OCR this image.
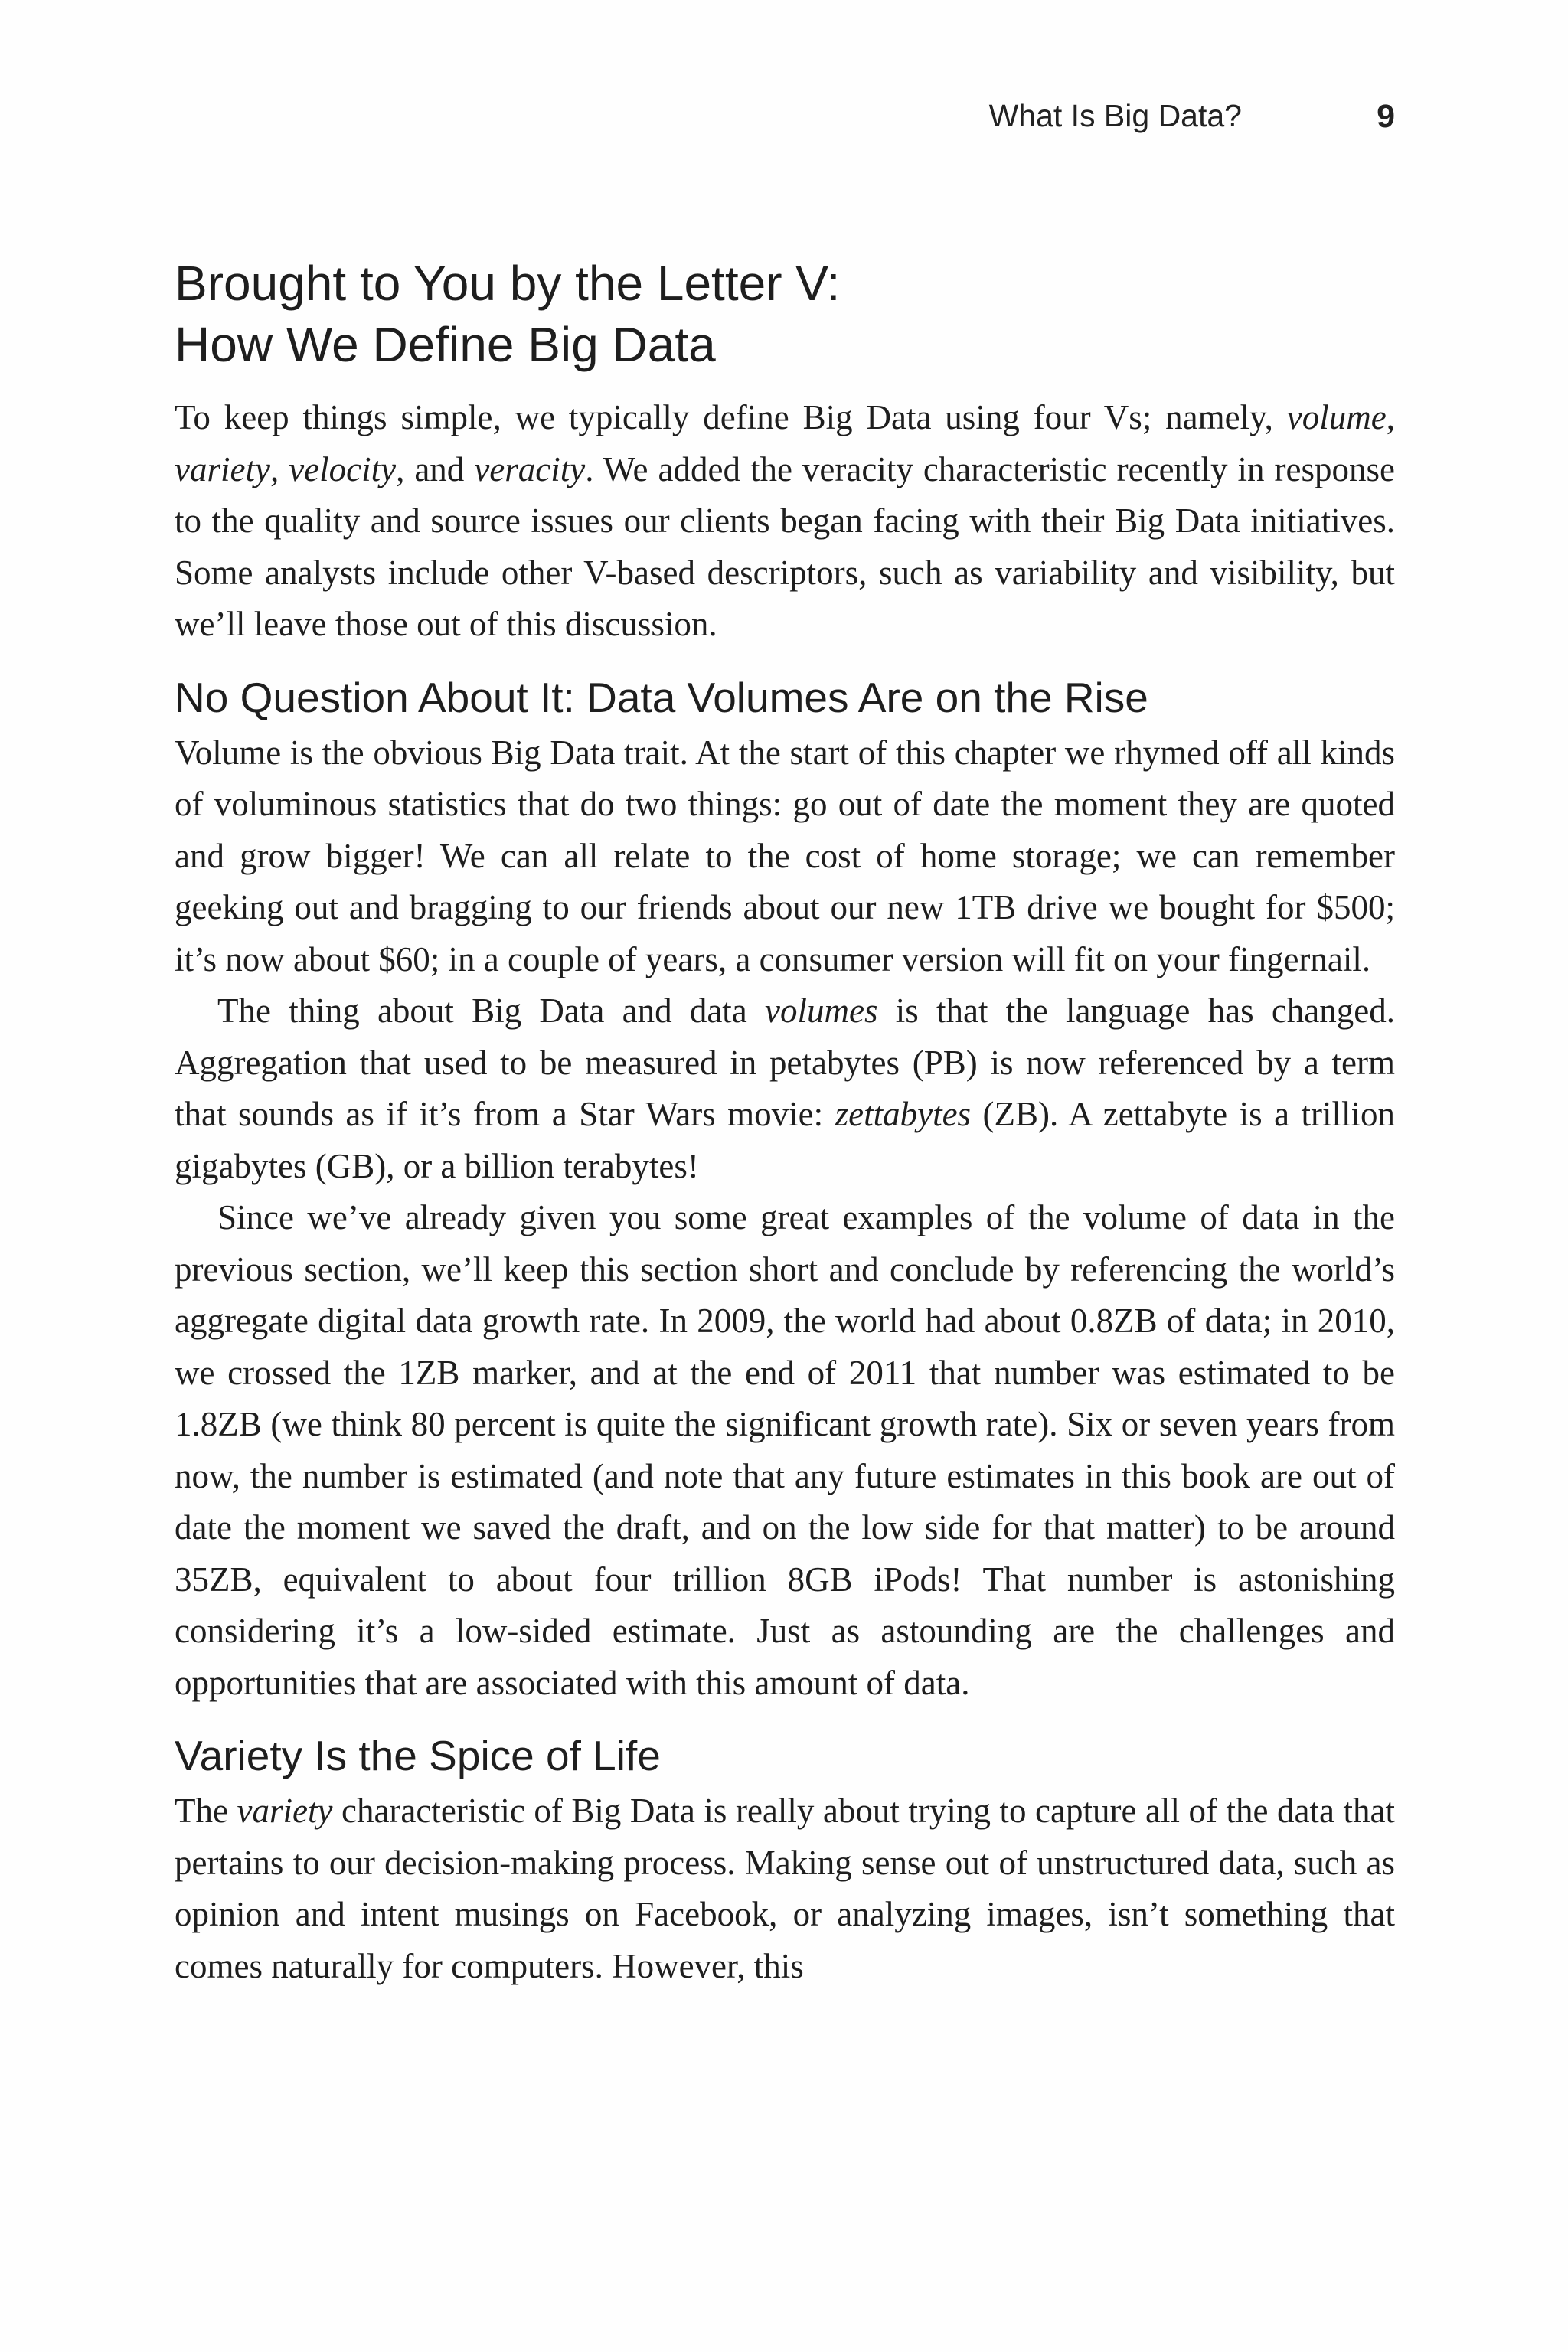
What Is Big Data?	9
Brought to You by the Letter V:
How We Define Big Data

To keep things simple, we typically define Big Data using four Vs; namely, volume, variety, velocity, and veracity. We added the veracity characteristic recently in response to the quality and source issues our clients began facing with their Big Data initiatives. Some analysts include other V-based descriptors, such as variability and visibility, but we’ll leave those out of this discussion.

No Question About It: Data Volumes Are on the Rise

Volume is the obvious Big Data trait. At the start of this chapter we rhymed off all kinds of voluminous statistics that do two things: go out of date the moment they are quoted and grow bigger! We can all relate to the cost of home storage; we can remember geeking out and bragging to our friends about our new 1TB drive we bought for $500; it’s now about $60; in a couple of years, a consumer version will fit on your fingernail.

The thing about Big Data and data volumes is that the language has changed. Aggregation that used to be measured in petabytes (PB) is now referenced by a term that sounds as if it’s from a Star Wars movie: zettabytes (ZB). A zettabyte is a trillion gigabytes (GB), or a billion terabytes!

Since we’ve already given you some great examples of the volume of data in the previous section, we’ll keep this section short and conclude by referencing the world’s aggregate digital data growth rate. In 2009, the world had about 0.8ZB of data; in 2010, we crossed the 1ZB marker, and at the end of 2011 that number was estimated to be 1.8ZB (we think 80 percent is quite the significant growth rate). Six or seven years from now, the number is estimated (and note that any future estimates in this book are out of date the moment we saved the draft, and on the low side for that matter) to be around 35ZB, equivalent to about four trillion 8GB iPods! That number is astonishing considering it’s a low-sided estimate. Just as astounding are the challenges and opportunities that are associated with this amount of data.

Variety Is the Spice of Life

The variety characteristic of Big Data is really about trying to capture all of the data that pertains to our decision-making process. Making sense out of unstructured data, such as opinion and intent musings on Facebook, or analyzing images, isn’t something that comes naturally for computers. However, this
